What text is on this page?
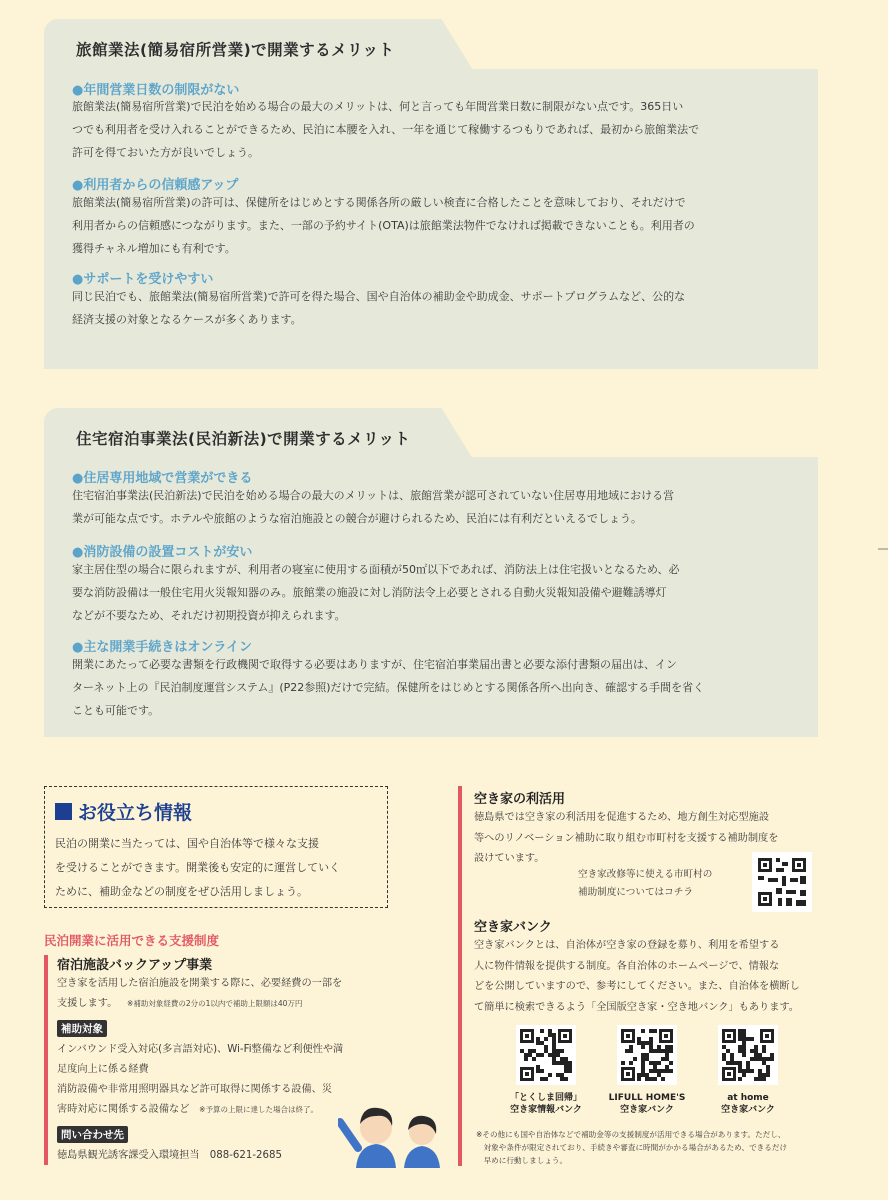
旅館業法(簡易宿所営業)で開業するメリット
●年間営業日数の制限がない
旅館業法(簡易宿所営業)で民泊を始める場合の最大のメリットは、何と言っても年間営業日数に制限がない点です。365日い
つでも利用者を受け入れることができるため、民泊に本腰を入れ、一年を通じて稼働するつもりであれば、最初から旅館業法で
許可を得ておいた方が良いでしょう。
●利用者からの信頼感アップ
旅館業法(簡易宿所営業)の許可は、保健所をはじめとする関係各所の厳しい検査に合格したことを意味しており、それだけで
利用者からの信頼感につながります。また、一部の予約サイト(OTA)は旅館業法物件でなければ掲載できないことも。利用者の
獲得チャネル増加にも有利です。
●サポートを受けやすい
同じ民泊でも、旅館業法(簡易宿所営業)で許可を得た場合、国や自治体の補助金や助成金、サポートプログラムなど、公的な
経済支援の対象となるケースが多くあります。
住宅宿泊事業法(民泊新法)で開業するメリット
●住居専用地域で営業ができる
住宅宿泊事業法(民泊新法)で民泊を始める場合の最大のメリットは、旅館営業が認可されていない住居専用地域における営
業が可能な点です。ホテルや旅館のような宿泊施設との競合が避けられるため、民泊には有利だといえるでしょう。
●消防設備の設置コストが安い
家主居住型の場合に限られますが、利用者の寝室に使用する面積が50㎡以下であれば、消防法上は住宅扱いとなるため、必
要な消防設備は一般住宅用火災報知器のみ。旅館業の施設に対し消防法令上必要とされる自動火災報知設備や避難誘導灯
などが不要なため、それだけ初期投資が抑えられます。
●主な開業手続きはオンライン
開業にあたって必要な書類を行政機関で取得する必要はありますが、住宅宿泊事業届出書と必要な添付書類の届出は、イン
ターネット上の『民泊制度運営システム』(P22参照)だけで完結。保健所をはじめとする関係各所へ出向き、確認する手間を省く
ことも可能です。
お役立ち情報
民泊の開業に当たっては、国や自治体等で様々な支援
を受けることができます。開業後も安定的に運営していく
ために、補助金などの制度をぜひ活用しましょう。
民泊開業に活用できる支援制度
宿泊施設バックアップ事業
空き家を活用した宿泊施設を開業する際に、必要経費の一部を
支援します。 ※補助対象経費の2分の1以内で補助上限額は40万円
補助対象
インバウンド受入対応(多言語対応)、Wi-Fi整備など利便性や満
足度向上に係る経費
消防設備や非常用照明器具など許可取得に関係する設備、災
害時対応に関係する設備など ※予算の上限に達した場合は終了。
問い合わせ先
徳島県観光誘客課受入環境担当　088-621-2685
空き家の利活用
徳島県では空き家の利活用を促進するため、地方創生対応型施設
等へのリノベーション補助に取り組む市町村を支援する補助制度を
設けています。
空き家改修等に使える市町村の
補助制度についてはコチラ
空き家バンク
空き家バンクとは、自治体が空き家の登録を募り、利用を希望する
人に物件情報を提供する制度。各自治体のホームページで、情報な
どを公開していますので、参考にしてください。また、自治体を横断し
て簡単に検索できるよう「全国版空き家・空き地バンク」もあります。
「とくしま回帰」
空き家情報バンク
LIFULL HOME'S
空き家バンク
at home
空き家バンク
※その他にも国や自治体などで補助金等の支援制度が活用できる場合があります。ただし、
　対象や条件が限定されており、手続きや審査に時間がかかる場合があるため、できるだけ
　早めに行動しましょう。
